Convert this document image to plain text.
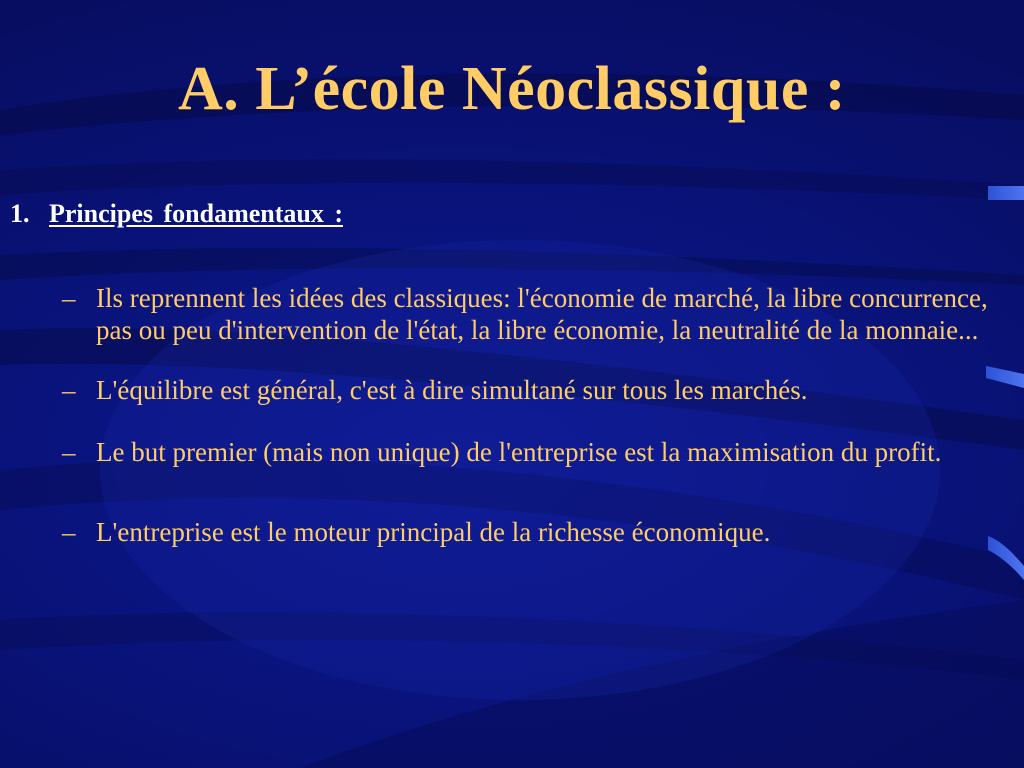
A. L’école Néoclassique :
1. Principes fondamentaux :
– Ils reprennent les idées des classiques: l'économie de marché, la libre concurrence, pas ou peu d'intervention de l'état, la libre économie, la neutralité de la monnaie...
– L'équilibre est général, c'est à dire simultané sur tous les marchés.
– Le but premier (mais non unique) de l'entreprise est la maximisation du profit.
– L'entreprise est le moteur principal de la richesse économique.
